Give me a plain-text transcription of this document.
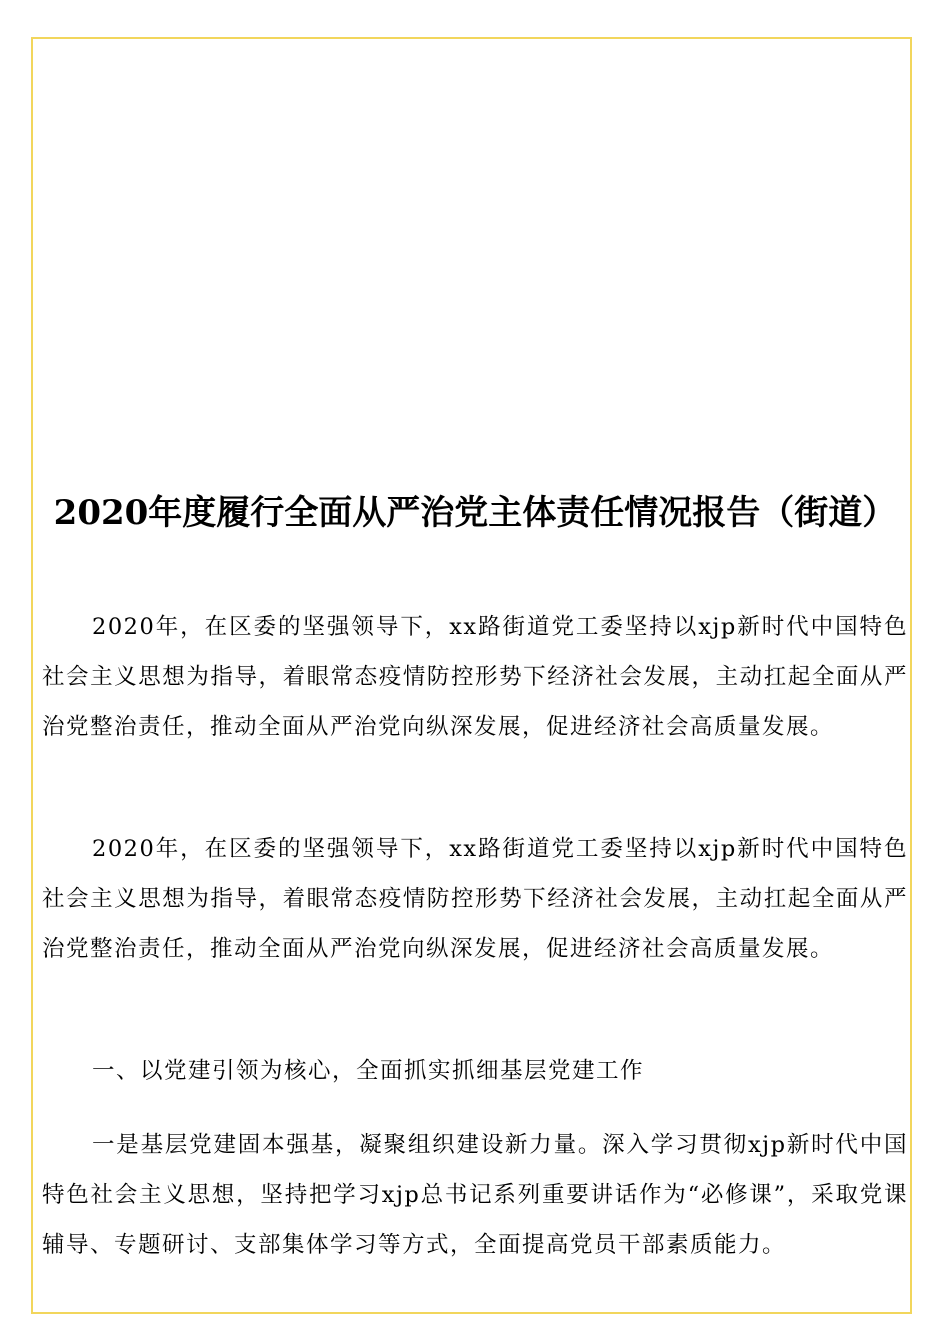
2020年度履行全面从严治党主体责任情况报告（街道）

2020年，在区委的坚强领导下，xx路街道党工委坚持以xjp新时代中国特色社会主义思想为指导，着眼常态疫情防控形势下经济社会发展，主动扛起全面从严治党整治责任，推动全面从严治党向纵深发展，促进经济社会高质量发展。

2020年，在区委的坚强领导下，xx路街道党工委坚持以xjp新时代中国特色社会主义思想为指导，着眼常态疫情防控形势下经济社会发展，主动扛起全面从严治党整治责任，推动全面从严治党向纵深发展，促进经济社会高质量发展。

一、以党建引领为核心，全面抓实抓细基层党建工作

一是基层党建固本强基，凝聚组织建设新力量。深入学习贯彻xjp新时代中国特色社会主义思想，坚持把学习xjp总书记系列重要讲话作为“必修课”，采取党课辅导、专题研讨、支部集体学习等方式，全面提高党员干部素质能力。
